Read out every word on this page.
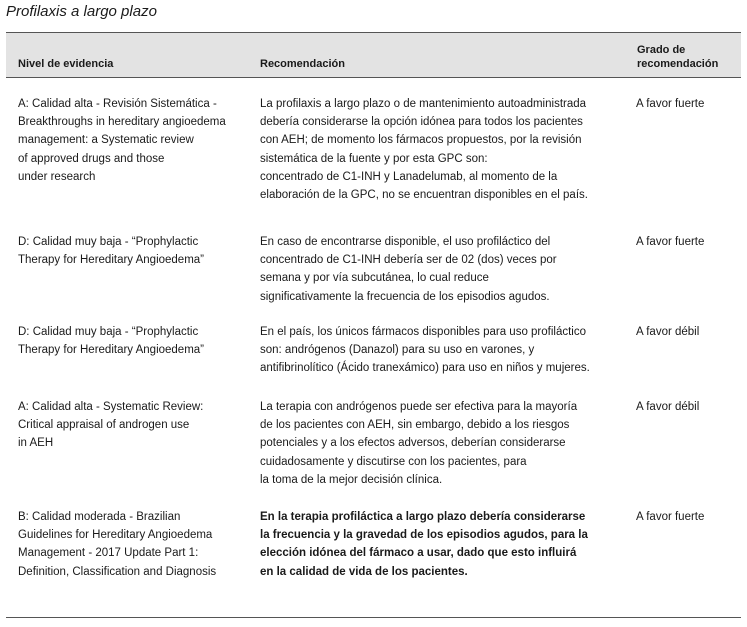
Profilaxis a largo plazo
Nivel de evidencia	Recomendación
Grado de
recomendación
A: Calidad alta - Revisión Sistemática -
Breakthroughs in hereditary angioedema
management: a Systematic review
of approved drugs and those
under research
La profilaxis a largo plazo o de mantenimiento autoadministrada
debería considerarse la opción idónea para todos los pacientes
con AEH; de momento los fármacos propuestos, por la revisión
sistemática de la fuente y por esta GPC son:
concentrado de C1-INH y Lanadelumab, al momento de la
elaboración de la GPC, no se encuentran disponibles en el país.
A favor fuerte
D: Calidad muy baja - “Prophylactic
Therapy for Hereditary Angioedema”
En caso de encontrarse disponible, el uso profiláctico del
concentrado de C1-INH debería ser de 02 (dos) veces por
semana y por vía subcutánea, lo cual reduce
significativamente la frecuencia de los episodios agudos.
A favor fuerte
D: Calidad muy baja - “Prophylactic
Therapy for Hereditary Angioedema”
En el país, los únicos fármacos disponibles para uso profiláctico
son: andrógenos (Danazol) para su uso en varones, y
antifibrinolítico (Ácido tranexámico) para uso en niños y mujeres.
A favor débil
A: Calidad alta - Systematic Review:
Critical appraisal of androgen use
in AEH
La terapia con andrógenos puede ser efectiva para la mayoría
de los pacientes con AEH, sin embargo, debido a los riesgos
potenciales y a los efectos adversos, deberían considerarse
cuidadosamente y discutirse con los pacientes, para
la toma de la mejor decisión clínica.
A favor débil
B: Calidad moderada - Brazilian
Guidelines for Hereditary Angioedema
Management - 2017 Update Part 1:
Definition, Classification and Diagnosis
En la terapia profiláctica a largo plazo debería considerarse
la frecuencia y la gravedad de los episodios agudos, para la
elección idónea del fármaco a usar, dado que esto influirá
en la calidad de vida de los pacientes.
A favor fuerte
